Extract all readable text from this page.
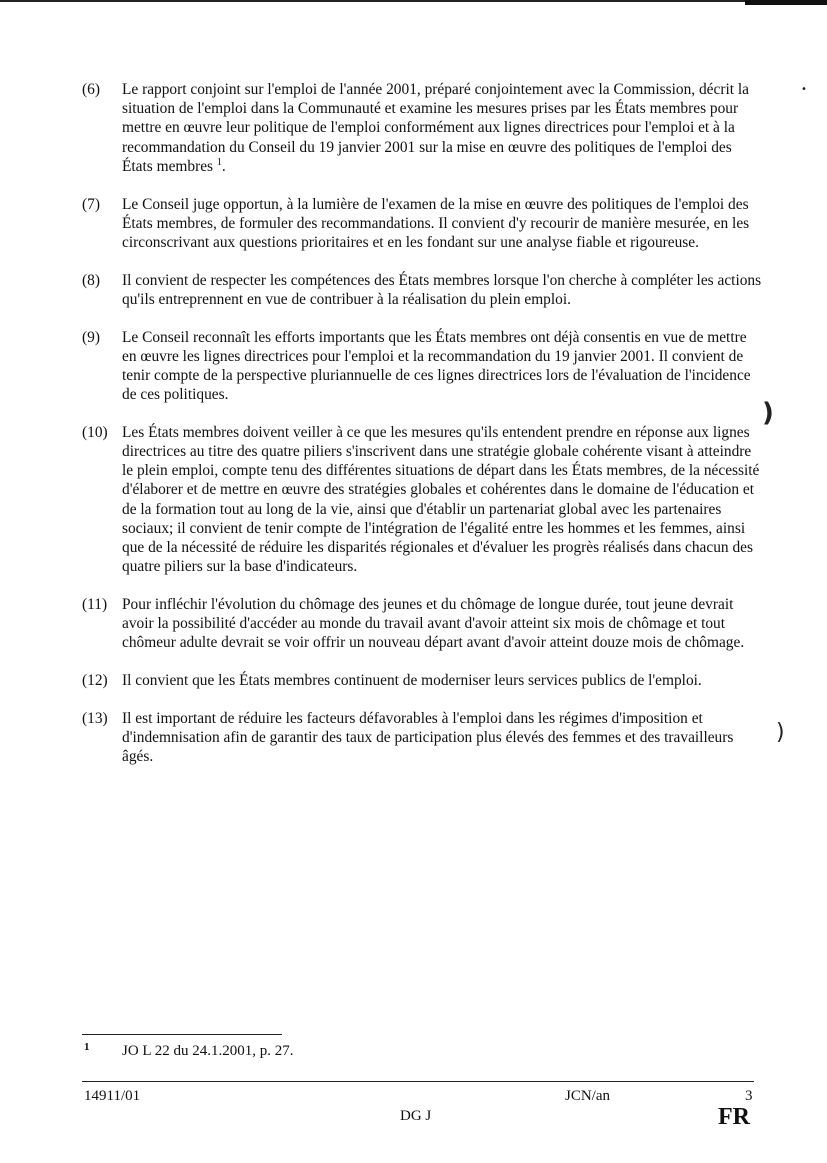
(6)	Le rapport conjoint sur l'emploi de l'année 2001, préparé conjointement avec la Commission, décrit la situation de l'emploi dans la Communauté et examine les mesures prises par les États membres pour mettre en œuvre leur politique de l'emploi conformément aux lignes directrices pour l'emploi et à la recommandation du Conseil du 19 janvier 2001 sur la mise en œuvre des politiques de l'emploi des États membres $^1$.
(7)	Le Conseil juge opportun, à la lumière de l'examen de la mise en œuvre des politiques de l'emploi des États membres, de formuler des recommandations. Il convient d'y recourir de manière mesurée, en les circonscrivant aux questions prioritaires et en les fondant sur une analyse fiable et rigoureuse.
(8)	Il convient de respecter les compétences des États membres lorsque l'on cherche à compléter les actions qu'ils entreprennent en vue de contribuer à la réalisation du plein emploi.
(9)	Le Conseil reconnaît les efforts importants que les États membres ont déjà consentis en vue de mettre en œuvre les lignes directrices pour l'emploi et la recommandation du 19 janvier 2001. Il convient de tenir compte de la perspective pluriannuelle de ces lignes directrices lors de l'évaluation de l'incidence de ces politiques.
(10) Les États membres doivent veiller à ce que les mesures qu'ils entendent prendre en réponse aux lignes directrices au titre des quatre piliers s'inscrivent dans une stratégie globale cohérente visant à atteindre le plein emploi, compte tenu des différentes situations de départ dans les États membres, de la nécessité d'élaborer et de mettre en œuvre des stratégies globales et cohérentes dans le domaine de l'éducation et de la formation tout au long de la vie, ainsi que d'établir un partenariat global avec les partenaires sociaux; il convient de tenir compte de l'intégration de l'égalité entre les hommes et les femmes, ainsi que de la nécessité de réduire les disparités régionales et d'évaluer les progrès réalisés dans chacun des quatre piliers sur la base d'indicateurs.
(11) Pour infléchir l'évolution du chômage des jeunes et du chômage de longue durée, tout jeune devrait avoir la possibilité d'accéder au monde du travail avant d'avoir atteint six mois de chômage et tout chômeur adulte devrait se voir offrir un nouveau départ avant d'avoir atteint douze mois de chômage.
(12) Il convient que les États membres continuent de moderniser leurs services publics de l'emploi.
(13) Il est important de réduire les facteurs défavorables à l'emploi dans les régimes d'imposition et d'indemnisation afin de garantir des taux de participation plus élevés des femmes et des travailleurs âgés.
)
)
•
1 JO L 22 du 24.1.2001, p. 27.
14911/01	JCN/an	3
DG J	FR
